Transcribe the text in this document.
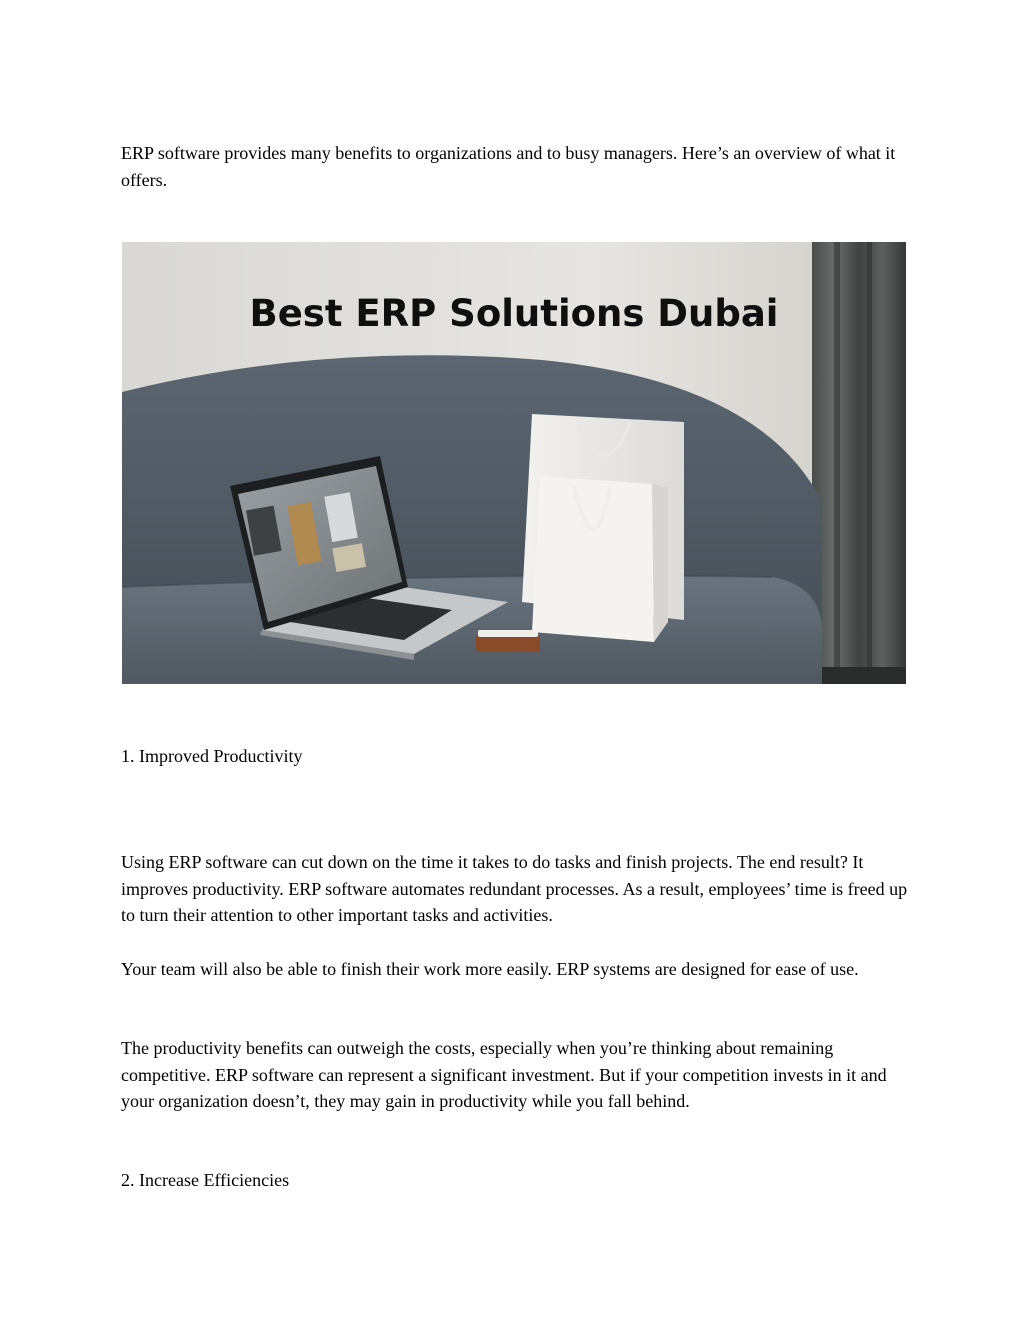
ERP software provides many benefits to organizations and to busy managers. Here’s an overview of what it offers.

Best ERP Solutions Dubai

1. Improved Productivity

Using ERP software can cut down on the time it takes to do tasks and finish projects. The end result? It improves productivity. ERP software automates redundant processes. As a result, employees’ time is freed up to turn their attention to other important tasks and activities.

Your team will also be able to finish their work more easily. ERP systems are designed for ease of use.

The productivity benefits can outweigh the costs, especially when you’re thinking about remaining competitive. ERP software can represent a significant investment. But if your competition invests in it and your organization doesn’t, they may gain in productivity while you fall behind.

2. Increase Efficiencies
